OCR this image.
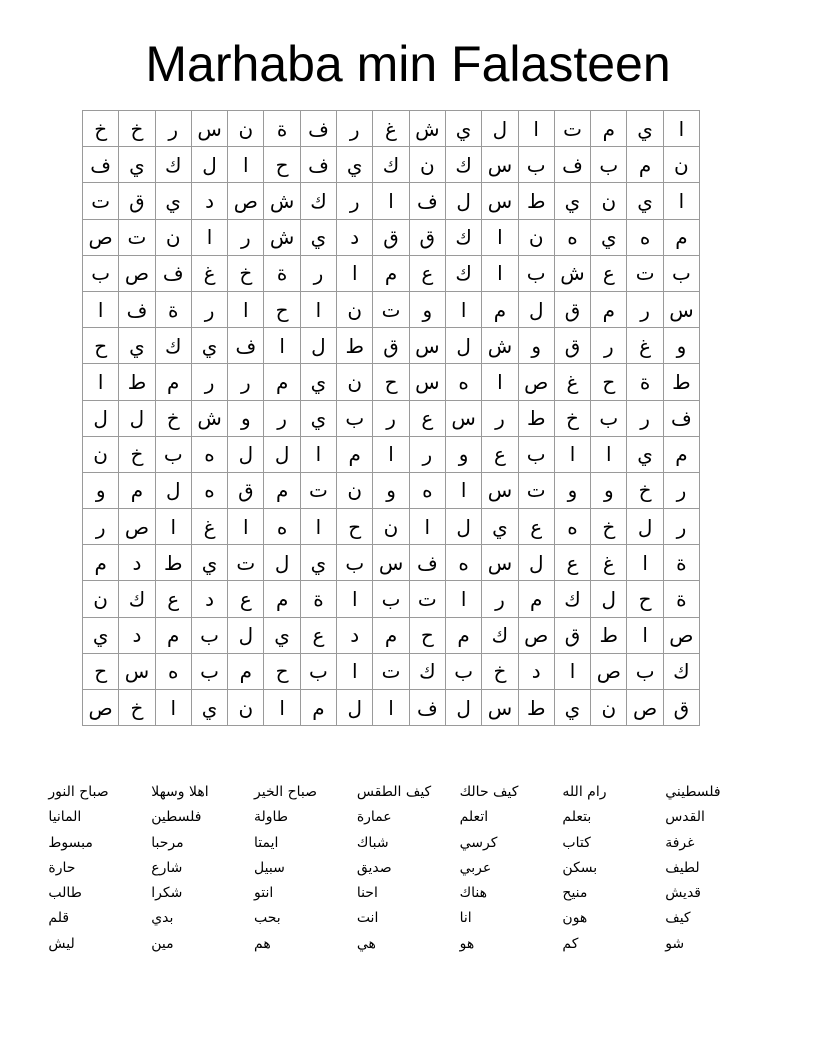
Marhaba min Falasteen
ا
ي
م
ت
ا
ل
ي
ش
غ
ر
ف
ة
ن
س
ر
خ
خ
ن
م
ب
ف
ب
س
ك
ن
ك
ي
ف
ح
ا
ل
ك
ي
ف
ا
ي
ن
ي
ط
س
ل
ف
ا
ر
ك
ش
ص
د
ي
ق
ت
م
ه
ي
ه
ن
ا
ك
ق
ق
د
ي
ش
ر
ا
ن
ت
ص
ب
ت
ع
ش
ب
ا
ك
ع
م
ا
ر
ة
خ
غ
ف
ص
ب
س
ر
م
ق
ل
م
ا
و
ت
ن
ا
ح
ا
ر
ة
ف
ا
و
غ
ر
ق
و
ش
ل
س
ق
ط
ل
ا
ف
ي
ك
ي
ح
ط
ة
ح
غ
ص
ا
ه
س
ح
ن
ي
م
ر
ر
م
ط
ا
ف
ر
ب
خ
ط
ر
س
ع
ر
ب
ي
ر
و
ش
خ
ل
ل
م
ي
ا
ا
ب
ع
و
ر
ا
م
ا
ل
ل
ه
ب
خ
ن
ر
خ
و
و
ت
س
ا
ه
و
ن
ت
م
ق
ه
ل
م
و
ر
ل
خ
ه
ع
ي
ل
ا
ن
ح
ا
ه
ا
غ
ا
ص
ر
ة
ا
غ
ع
ل
س
ه
ف
س
ب
ي
ل
ت
ي
ط
د
م
ة
ح
ل
ك
م
ر
ا
ت
ب
ا
ة
م
ع
د
ع
ك
ن
ص
ا
ط
ق
ص
ك
م
ح
م
د
ع
ي
ل
ب
م
د
ي
ك
ب
ص
ا
د
خ
ب
ك
ت
ا
ب
ح
م
ب
ه
س
ح
ق
ص
ن
ي
ط
س
ل
ف
ا
ل
م
ا
ن
ي
ا
خ
ص
فلسطيني
رام الله
كيف حالك
كيف الطقس
صباح الخير
اهلا وسهلا
صباح النور
القدس
بتعلم
اتعلم
عمارة
طاولة
فلسطين
المانيا
غرفة
كتاب
كرسي
شباك
ايمتا
مرحبا
مبسوط
لطيف
بسكن
عربي
صديق
سبيل
شارع
حارة
قديش
منيح
هناك
احنا
انتو
شكرا
طالب
كيف
هون
انا
انت
بحب
بدي
قلم
شو
كم
هو
هي
هم
مين
ليش
